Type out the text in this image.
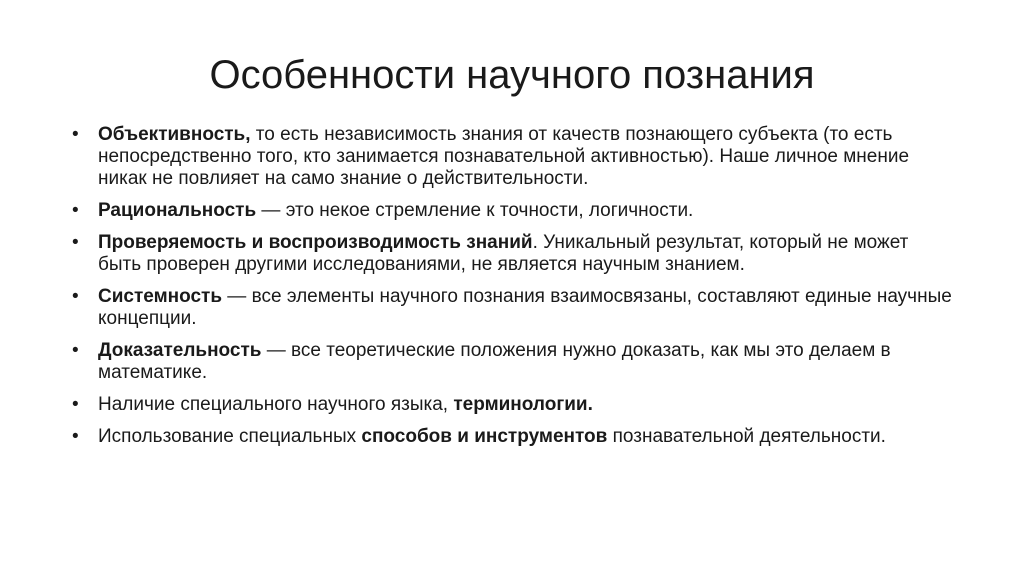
Особенности научного познания
•	Объективность, то есть независимость знания от качеств познающего субъекта (то есть непосредственно того, кто занимается познавательной активностью). Наше личное мнение никак не повлияет на само знание о действительности.
•	Рациональность — это некое стремление к точности, логичности.
•	Проверяемость и воспроизводимость знаний. Уникальный результат, который не может быть проверен другими исследованиями, не является научным знанием.
•	Системность — все элементы научного познания взаимосвязаны, составляют единые научные концепции.
•	Доказательность — все теоретические положения нужно доказать, как мы это делаем в математике.
•	Наличие специального научного языка, терминологии.
•	Использование специальных способов и инструментов познавательной деятельности.
